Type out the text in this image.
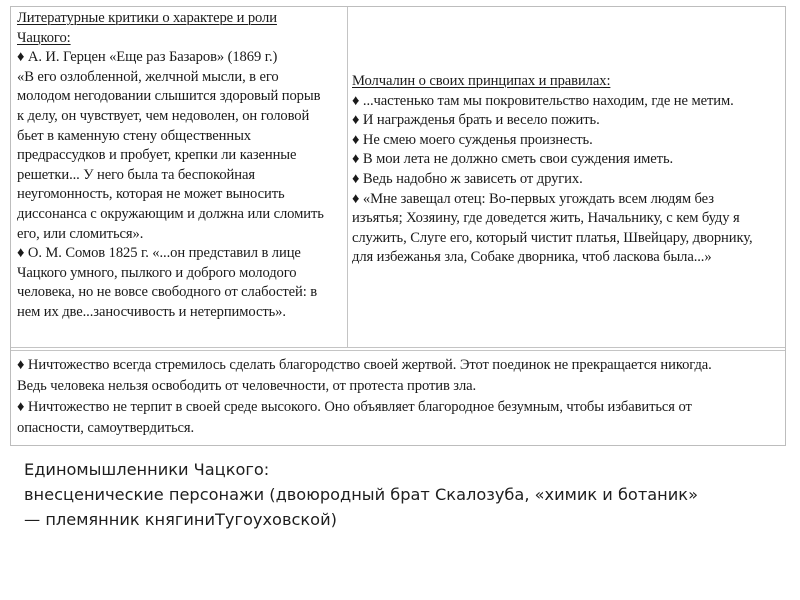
Литературные критики о характере и роли
Чацкого:
♦ А. И. Герцен «Еще раз Базаров» (1869 г.)
«В его озлобленной, желчной мысли, в его
молодом негодовании слышится здоровый порыв
к делу, он чувствует, чем недоволен, он головой
бьет в каменную стену общественных
предрассудков и пробует, крепки ли казенные
решетки... У него была та беспокойная
неугомонность, которая не может выносить
диссонанса с окружающим и должна или сломить
его, или сломиться».
♦ О. М. Сомов 1825 г. «...он представил в лице
Чацкого умного, пылкого и доброго молодого
человека, но не вовсе свободного от слабостей: в
нем их две...заносчивость и нетерпимость».
Молчалин о своих принципах и правилах:
♦ ...частенько там мы покровительство находим, где не метим.
♦ И награжденья брать и весело пожить.
♦ Не смею моего сужденья произнесть.
♦ В мои лета не должно сметь свои суждения иметь.
♦ Ведь надобно ж зависеть от других.
♦ «Мне завещал отец: Во-первых угождать всем людям без
изъятья; Хозяину, где доведется жить, Начальнику, с кем буду я
служить, Слуге его, который чистит платья, Швейцару, дворнику,
для избежанья зла, Собаке дворника, чтоб ласкова была...»
♦ Ничтожество всегда стремилось сделать благородство своей жертвой. Этот поединок не прекращается никогда.
Ведь человека нельзя освободить от человечности, от протеста против зла.
♦ Ничтожество не терпит в своей среде высокого. Оно объявляет благородное безумным, чтобы избавиться от
опасности, самоутвердиться.
Единомышленники Чацкого:
внесценические персонажи (двоюродный брат Скалозуба, «химик и ботаник»
— племянник княгиниТугоуховской)
